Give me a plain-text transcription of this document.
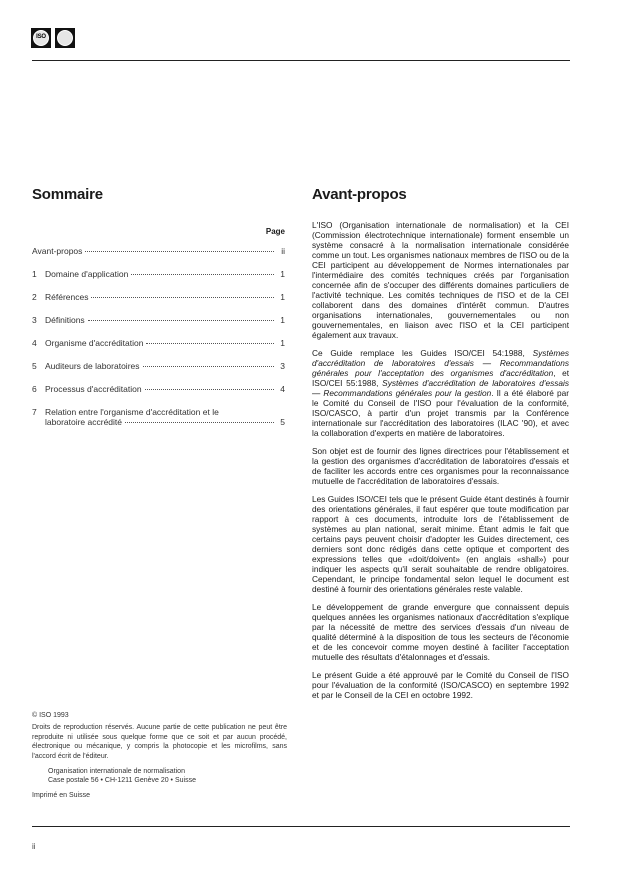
ISO
Sommaire
Page
Avant-propos	ii
1 Domaine d'application	1
2 Références	1
3 Définitions	1
4 Organisme d'accréditation	1
5 Auditeurs de laboratoires	3
6 Processus d'accréditation	4
7 Relation entre l'organisme d'accréditation et le
laboratoire accrédité	5

© ISO 1993

Droits de reproduction réservés. Aucune partie de cette publication ne peut être reproduite ni utilisée sous quelque forme que ce soit et par aucun procédé, électronique ou mécanique, y compris la photocopie et les microfilms, sans l'accord écrit de l'éditeur.

Organisation internationale de normalisation

Case postale 56 • CH-1211 Genève 20 • Suisse

Imprimé en Suisse

Avant-propos

L'ISO (Organisation internationale de normalisation) et la CEI (Commission électrotechnique internationale) forment ensemble un système consacré à la normalisation internationale considérée comme un tout. Les organismes nationaux membres de l'ISO ou de la CEI participent au développement de Normes internationales par l'intermédiaire des comités techniques créés par l'organisation concernée afin de s'occuper des différents domaines particuliers de l'activité technique. Les comités techniques de l'ISO et de la CEI collaborent dans des domaines d'intérêt commun. D'autres organisations internationales, gouvernementales ou non gouvernementales, en liaison avec l'ISO et la CEI participent également aux travaux.

Ce Guide remplace les Guides ISO/CEI 54:1988, Systèmes d'accréditation de laboratoires d'essais — Recommandations générales pour l'acceptation des organismes d'accréditation, et ISO/CEI 55:1988, Systèmes d'accréditation de laboratoires d'essais — Recommandations générales pour la gestion. Il a été élaboré par le Comité du Conseil de l'ISO pour l'évaluation de la conformité, ISO/CASCO, à partir d'un projet transmis par la Conférence internationale sur l'accréditation des laboratoires (ILAC '90), et avec la collaboration d'experts en matière de laboratoires.

Son objet est de fournir des lignes directrices pour l'établissement et la gestion des organismes d'accréditation de laboratoires d'essais et de faciliter les accords entre ces organismes pour la reconnaissance mutuelle de l'accréditation de laboratoires d'essais.

Les Guides ISO/CEI tels que le présent Guide étant destinés à fournir des orientations générales, il faut espérer que toute modification par rapport à ces documents, introduite lors de l'établissement de systèmes au plan national, serait minime. Étant admis le fait que certains pays peuvent choisir d'adopter les Guides directement, ces derniers sont donc rédigés dans cette optique et comportent des expressions telles que «doit/doivent» (en anglais «shall») pour indiquer les aspects qu'il serait souhaitable de rendre obligatoires. Cependant, le principe fondamental selon lequel le document est destiné à fournir des orientations générales reste valable.

Le développement de grande envergure que connaissent depuis quelques années les organismes nationaux d'accréditation s'explique par la nécessité de mettre des services d'essais d'un niveau de qualité déterminé à la disposition de tous les secteurs de l'économie et de les concevoir comme moyen destiné à faciliter l'acceptation mutuelle des résultats d'étalonnages et d'essais.

Le présent Guide a été approuvé par le Comité du Conseil de l'ISO pour l'évaluation de la conformité (ISO/CASCO) en septembre 1992 et par le Conseil de la CEI en octobre 1992.

ii
